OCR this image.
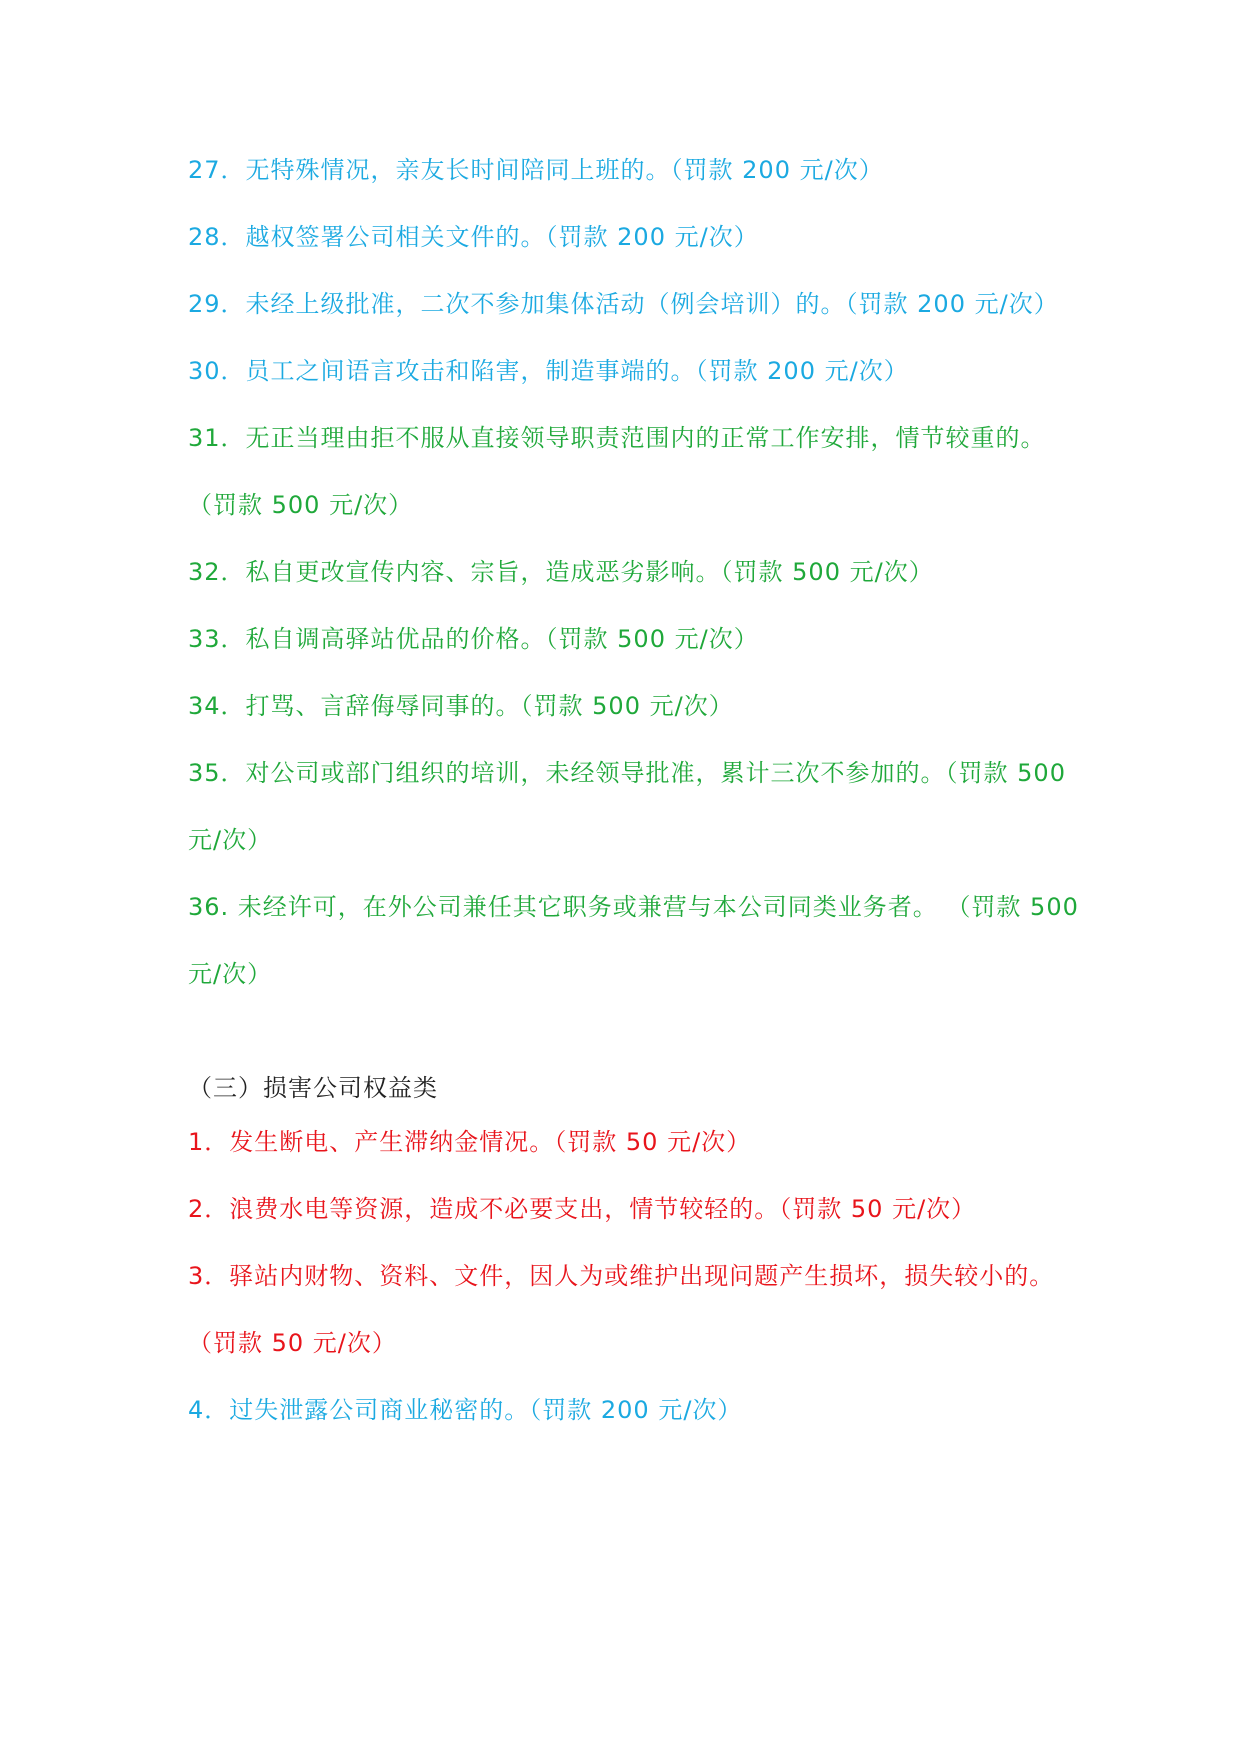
27．无特殊情况，亲友长时间陪同上班的。（罚款 200 元/次）
28．越权签署公司相关文件的。（罚款 200 元/次）
29．未经上级批准，二次不参加集体活动（例会培训）的。（罚款 200 元/次）
30．员工之间语言攻击和陷害，制造事端的。（罚款 200 元/次）
31．无正当理由拒不服从直接领导职责范围内的正常工作安排，情节较重的。
（罚款 500 元/次）
32．私自更改宣传内容、宗旨，造成恶劣影响。（罚款 500 元/次）
33．私自调高驿站优品的价格。（罚款 500 元/次）
34．打骂、言辞侮辱同事的。（罚款 500 元/次）
35．对公司或部门组织的培训，未经领导批准，累计三次不参加的。（罚款 500
元/次）
36. 未经许可，在外公司兼任其它职务或兼营与本公司同类业务者。 （罚款 500
元/次）
（三）损害公司权益类
1．发生断电、产生滞纳金情况。（罚款 50 元/次）
2．浪费水电等资源，造成不必要支出，情节较轻的。（罚款 50 元/次）
3．驿站内财物、资料、文件，因人为或维护出现问题产生损坏，损失较小的。
（罚款 50 元/次）
4．过失泄露公司商业秘密的。（罚款 200 元/次）
